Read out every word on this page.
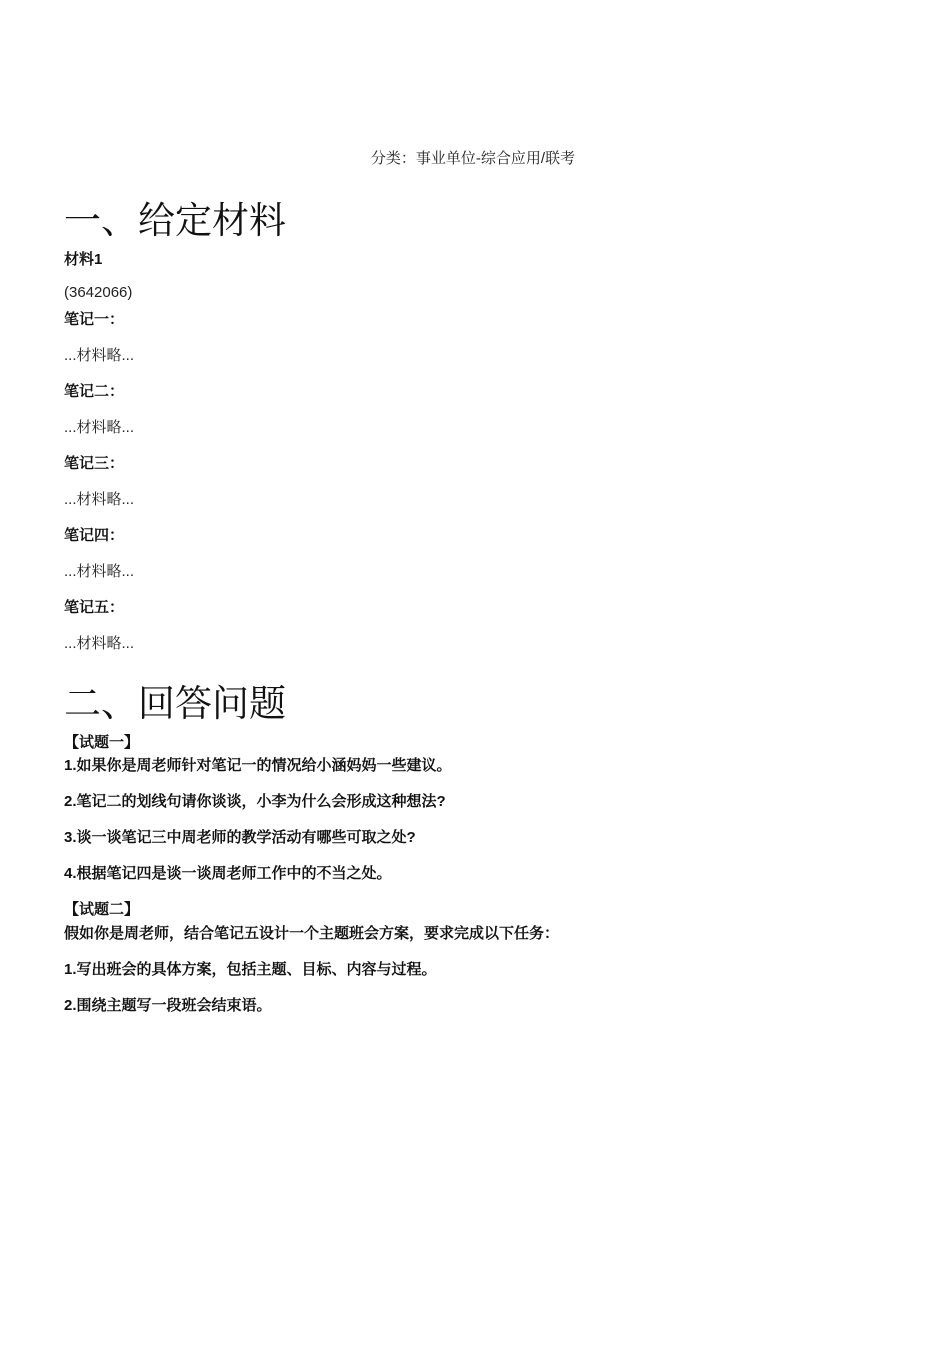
分类：事业单位-综合应用/联考
一、给定材料
材料1
(3642066)
笔记一：
...材料略...
笔记二：
...材料略...
笔记三：
...材料略...
笔记四：
...材料略...
笔记五：
...材料略...
二、回答问题
【试题一】
1.如果你是周老师针对笔记一的情况给小涵妈妈一些建议。
2.笔记二的划线句请你谈谈，小李为什么会形成这种想法?
3.谈一谈笔记三中周老师的教学活动有哪些可取之处?
4.根据笔记四是谈一谈周老师工作中的不当之处。
【试题二】
假如你是周老师，结合笔记五设计一个主题班会方案，要求完成以下任务：
1.写出班会的具体方案，包括主题、目标、内容与过程。
2.围绕主题写一段班会结束语。
